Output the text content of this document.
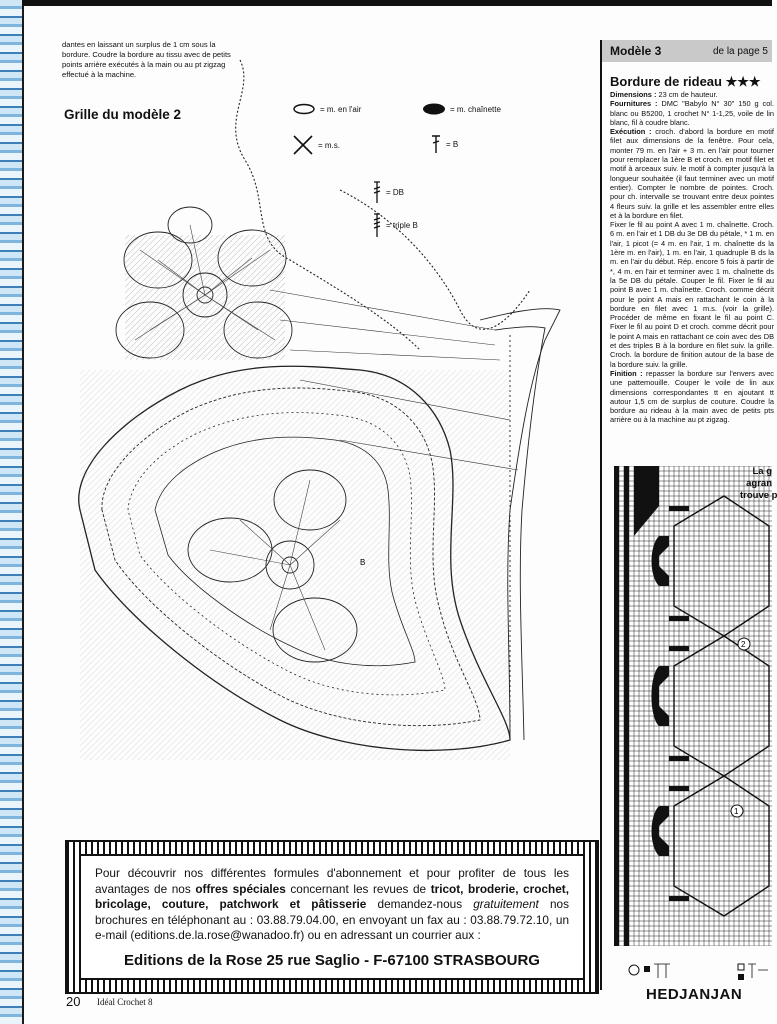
dantes en laissant un surplus de 1 cm sous la bordure. Coudre la bordure au tissu avec de petits points arrière exécutés à la main ou au pt zigzag effectué à la machine.
Grille du modèle 2	= m. en l'air	= m. chaînette
= m.s.	= B
= DB
= triple B
B
Pour découvrir nos différentes formules d'abonnement et pour profiter de tous les avantages de nos offres spéciales concernant les revues de tricot, broderie, crochet, bricolage, couture, patchwork et pâtisserie demandez-nous gratuitement nos brochures en téléphonant au : 03.88.79.04.00, en envoyant un fax au : 03.88.79.72.10, un e-mail (editions.de.la.rose@wanadoo.fr) ou en adressant un courrier aux :
Editions de la Rose 25 rue Saglio - F-67100 STRASBOURG
20 Idéal Crochet 8
Modèle 3	de la page 5
Bordure de rideau ★★★

Dimensions : 23 cm de hauteur.

Fournitures : DMC "Babylo N° 30" 150 g col. blanc ou B5200, 1 crochet N° 1-1,25, voile de lin blanc, fil à coudre blanc.

Exécution : croch. d'abord la bordure en motif filet aux dimensions de la fenêtre. Pour cela, monter 79 m. en l'air + 3 m. en l'air pour tourner pour remplacer la 1ère B et croch. en motif filet et motif à arceaux suiv. le motif à compter jusqu'à la longueur souhaitée (il faut terminer avec un motif entier). Compter le nombre de pointes. Croch. pour ch. intervalle se trouvant entre deux pointes 4 fleurs suiv. la grille et les assembler entre elles et à la bordure en filet.

Fixer le fil au point A avec 1 m. chaînette. Croch. 6 m. en l'air et 1 DB du 3e DB du pétale, * 1 m. en l'air, 1 picot (= 4 m. en l'air, 1 m. chaînette ds la 1ère m. en l'air), 1 m. en l'air, 1 quadruple B ds la m. en l'air du début. Rép. encore 5 fois à partir de *, 4 m. en l'air et terminer avec 1 m. chaînette ds la 5e DB du pétale. Couper le fil. Fixer le fil au point B avec 1 m. chaînette. Croch. comme décrit pour le point A mais en rattachant le coin à la bordure en filet avec 1 m.s. (voir la grille). Procéder de même en fixant le fil au point C. Fixer le fil au point D et croch. comme décrit pour le point A mais en rattachant ce coin avec des DB et des triples B à la bordure en filet suiv. la grille. Croch. la bordure de finition autour de la base de la bordure suiv. la grille.

Finition : repasser la bordure sur l'envers avec une pattemouille. Couper le voile de lin aux dimensions correspondantes tt en ajoutant tt autour 1,5 cm de surplus de couture. Coudre la bordure au rideau à la main avec de petits pts arrière ou à la machine au pt zigzag.

2
1
La g
agran
trouve p
HEDJANJAN
